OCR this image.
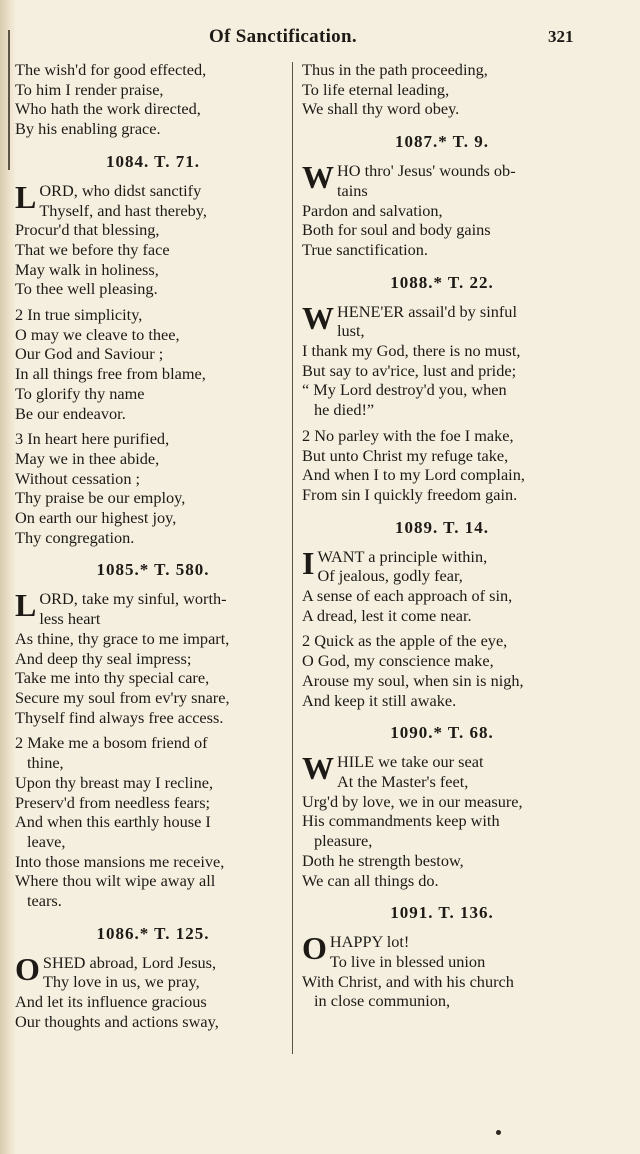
Of Sanctification.	321
The wish'd for good effected,
To him I render praise,
Who hath the work directed,
By his enabling grace.
1084. T. 71.
L ORD, who didst sanctify
Thyself, and hast thereby,
Procur'd that blessing,
That we before thy face
May walk in holiness,
To thee well pleasing.
2 In true simplicity,
O may we cleave to thee,
Our God and Saviour ;
In all things free from blame,
To glorify thy name
Be our endeavor.
3 In heart here purified,
May we in thee abide,
Without cessation ;
Thy praise be our employ,
On earth our highest joy,
Thy congregation.
1085.* T. 580.
L ORD, take my sinful, worth-
less heart
As thine, thy grace to me impart,
And deep thy seal impress;
Take me into thy special care,
Secure my soul from ev'ry snare,
Thyself find always free access.
2 Make me a bosom friend of
thine,
Upon thy breast may I recline,
Preserv'd from needless fears;
And when this earthly house I
leave,
Into those mansions me receive,
Where thou wilt wipe away all
tears.
1086.* T. 125.
O SHED abroad, Lord Jesus,
Thy love in us, we pray,
And let its influence gracious
Our thoughts and actions sway,
Thus in the path proceeding,
To life eternal leading,
We shall thy word obey.
1087.* T. 9.
W HO thro' Jesus' wounds ob-
tains
Pardon and salvation,
Both for soul and body gains
True sanctification.
1088.* T. 22.
W HENE'ER assail'd by sinful
lust,
I thank my God, there is no must,
But say to av'rice, lust and pride;
“ My Lord destroy'd you, when
he died!”
2 No parley with the foe I make,
But unto Christ my refuge take,
And when I to my Lord complain,
From sin I quickly freedom gain.
1089. T. 14.
I WANT a principle within,
Of jealous, godly fear,
A sense of each approach of sin,
A dread, lest it come near.
2 Quick as the apple of the eye,
O God, my conscience make,
Arouse my soul, when sin is nigh,
And keep it still awake.
1090.* T. 68.
W HILE we take our seat
At the Master's feet,
Urg'd by love, we in our measure,
His commandments keep with
pleasure,
Doth he strength bestow,
We can all things do.
1091. T. 136.
O HAPPY lot!
To live in blessed union
With Christ, and with his church
in close communion,
